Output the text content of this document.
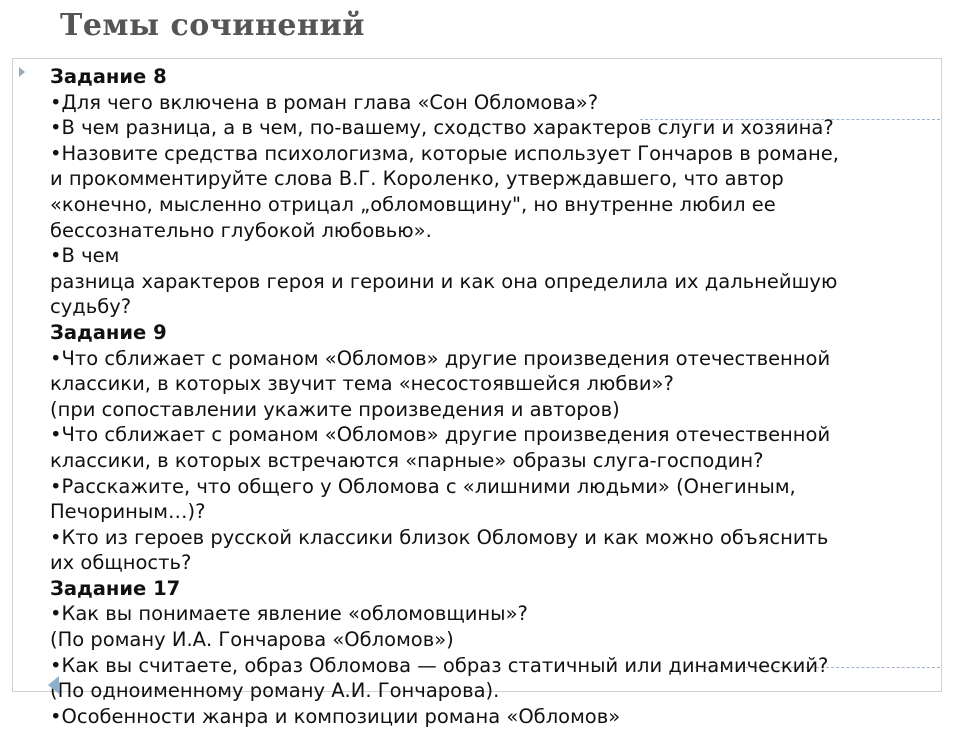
Темы сочинений

Задание 8

•Для чего включена в роман глава «Сон Обломова»?

•В чем разница, а в чем, по-вашему, сходство характеров слуги и хозяина?

•Назовите средства психологизма, которые использует Гончаров в романе,

и прокомментируйте слова В.Г. Короленко, утверждавшего, что автор

«конечно, мысленно отрицал „обломовщину", но внутренне любил ее

бессознательно глубокой любовью».

•В чем

разница характеров героя и героини и как она определила их дальнейшую

судьбу?

Задание 9

•Что сближает с романом «Обломов» другие произведения отечественной

классики, в которых звучит тема «несостоявшейся любви»?

(при сопоставлении укажите произведения и авторов)

•Что сближает с романом «Обломов» другие произведения отечественной

классики, в которых встречаются «парные» образы слуга-господин?

•Расскажите, что общего у Обломова с «лишними людьми» (Онегиным,

Печориным…)?

•Кто из героев русской классики близок Обломову и как можно объяснить

их общность?

Задание 17

•Как вы понимаете явление «обломовщины»?

(По роману И.А. Гончарова «Обломов»)

•Как вы считаете, образ Обломова — образ статичный или динамический?

(По одноименному роману А.И. Гончарова).

•Особенности жанра и композиции романа «Обломов»
